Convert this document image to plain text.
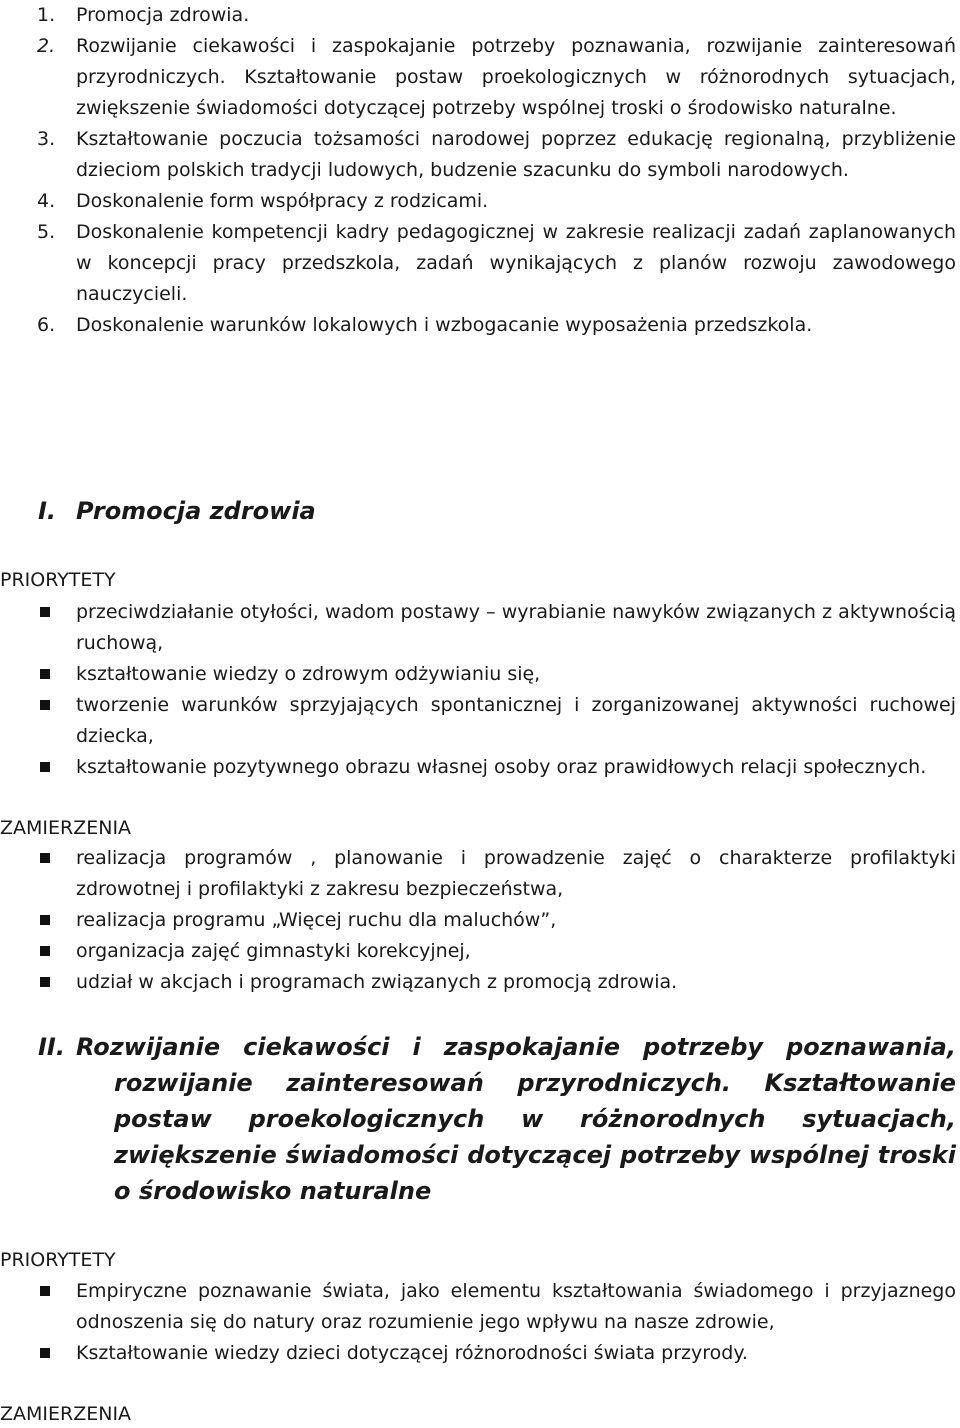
1. Promocja zdrowia.
2. Rozwijanie ciekawości i zaspokajanie potrzeby poznawania, rozwijanie zainteresowań przyrodniczych. Kształtowanie postaw proekologicznych w różnorodnych sytuacjach, zwiększenie świadomości dotyczącej potrzeby wspólnej troski o środowisko naturalne.
3. Kształtowanie poczucia tożsamości narodowej poprzez edukację regionalną, przybliżenie dzieciom polskich tradycji ludowych, budzenie szacunku do symboli narodowych.
4. Doskonalenie form współpracy z rodzicami.
5. Doskonalenie kompetencji kadry pedagogicznej w zakresie realizacji zadań zaplanowanych w koncepcji pracy przedszkola, zadań wynikających z planów rozwoju zawodowego nauczycieli.
6. Doskonalenie warunków lokalowych i wzbogacanie wyposażenia przedszkola.
I. Promocja zdrowia
PRIORYTETY
przeciwdziałanie otyłości, wadom postawy – wyrabianie nawyków związanych z aktywnością ruchową,
kształtowanie wiedzy o zdrowym odżywianiu się,
tworzenie warunków sprzyjających spontanicznej i zorganizowanej aktywności ruchowej dziecka,
kształtowanie pozytywnego obrazu własnej osoby oraz prawidłowych relacji społecznych.
ZAMIERZENIA
realizacja programów , planowanie i prowadzenie zajęć o charakterze profilaktyki zdrowotnej i profilaktyki z zakresu bezpieczeństwa,
realizacja programu „Więcej ruchu dla maluchów”,
organizacja zajęć gimnastyki korekcyjnej,
udział w akcjach i programach związanych z promocją zdrowia.
II. Rozwijanie ciekawości i zaspokajanie potrzeby poznawania, rozwijanie zainteresowań przyrodniczych. Kształtowanie postaw proekologicznych w różnorodnych sytuacjach, zwiększenie świadomości dotyczącej potrzeby wspólnej troski o środowisko naturalne
PRIORYTETY
Empiryczne poznawanie świata, jako elementu kształtowania świadomego i przyjaznego odnoszenia się do natury oraz rozumienie jego wpływu na nasze zdrowie,
Kształtowanie wiedzy dzieci dotyczącej różnorodności świata przyrody.
ZAMIERZENIA
